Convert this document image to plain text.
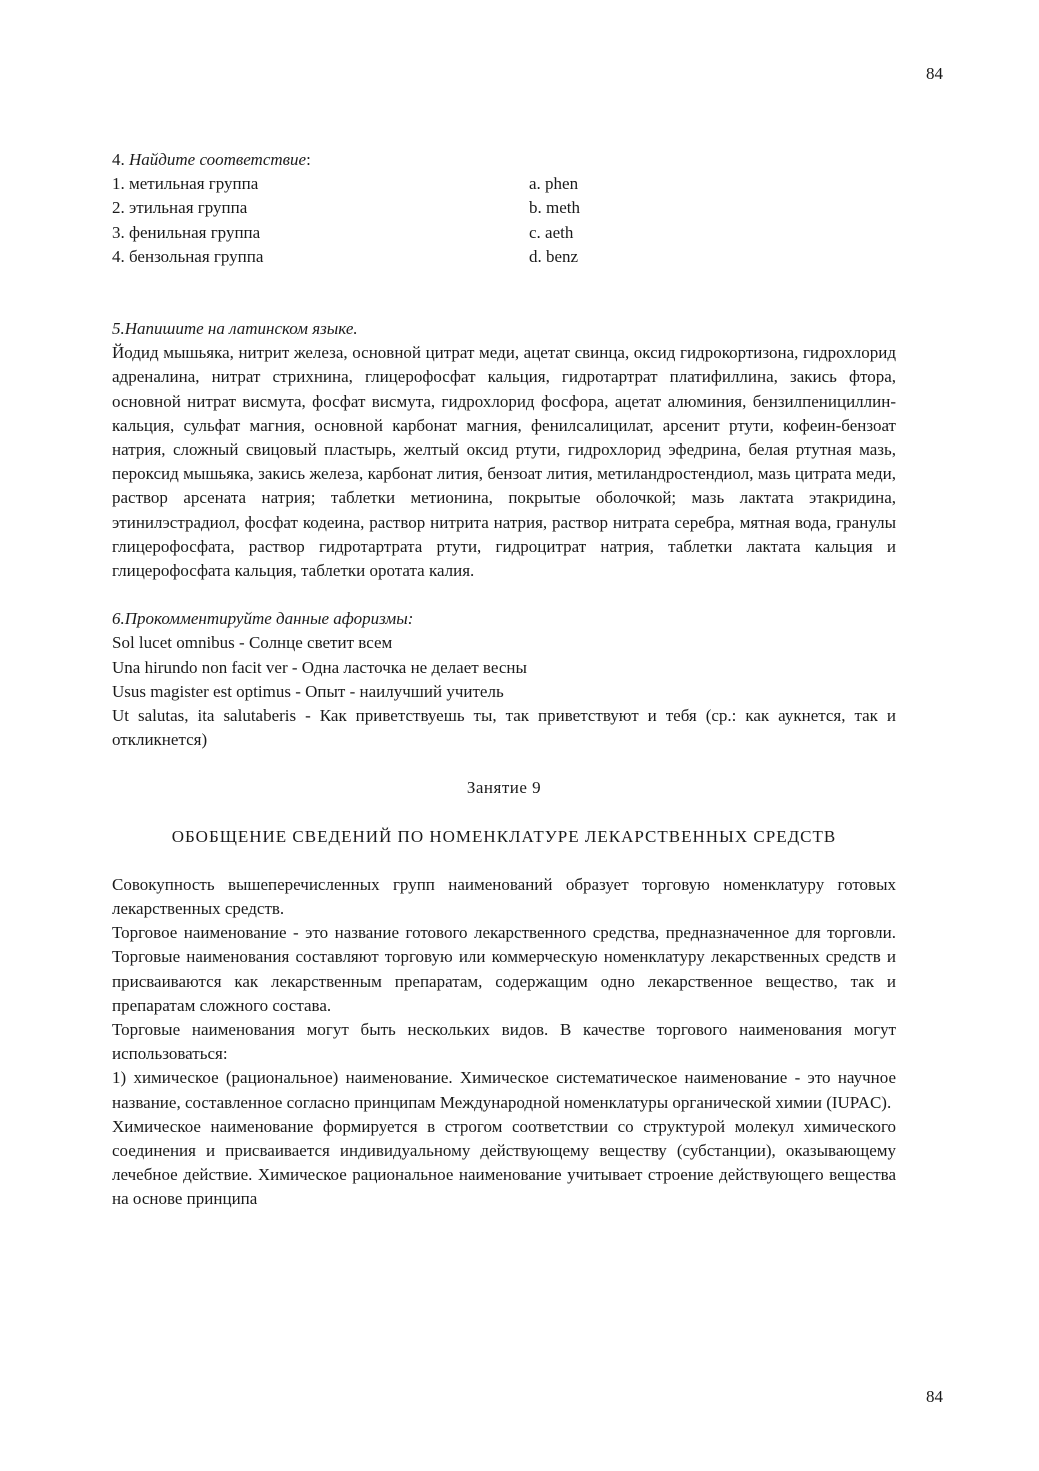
84
4. Найдите соответствие:
1. метильная группа	a. phen
2. этильная группа	b. meth
3. фенильная группа	c. aeth
4. бензольная группа	d. benz
5.Напишите на латинском языке.

Йодид мышьяка, нитрит железа, основной цитрат меди, ацетат свинца, оксид гидрокортизона, гидрохлорид адреналина, нитрат стрихнина, глицерофосфат кальция, гидротартрат платифиллина, закись фтора, основной нитрат висмута, фосфат висмута, гидрохлорид фосфора, ацетат алюминия, бензилпенициллин-кальция, сульфат магния, основной карбонат магния, фенилсалицилат, арсенит ртути, кофеин-бензоат натрия, сложный свицовый пластырь, желтый оксид ртути, гидрохлорид эфедрина, белая ртутная мазь, пероксид мышьяка, закись железа, карбонат лития, бензоат лития, метиландростендиол, мазь цитрата меди, раствор арсената натрия; таблетки метионина, покрытые оболочкой; мазь лактата этакридина, этинилэстрадиол, фосфат кодеина, раствор нитрита натрия, раствор нитрата серебра, мятная вода, гранулы глицерофосфата, раствор гидротартрата ртути, гидроцитрат натрия, таблетки лактата кальция и глицерофосфата кальция, таблетки оротата калия.

6.Прокомментируйте данные афоризмы:

Sol lucet omnibus - Солнце светит всем

Una hirundo non facit ver - Одна ласточка не делает весны

Usus magister est optimus - Опыт - наилучший учитель

Ut salutas, ita salutaberis - Как приветствуешь ты, так приветствуют и тебя (ср.: как аукнется, так и откликнется)

Занятие 9
ОБОБЩЕНИЕ СВЕДЕНИЙ ПО НОМЕНКЛАТУРЕ ЛЕКАРСТВЕННЫХ СРЕДСТВ

Совокупность вышеперечисленных групп наименований образует торговую номенклатуру готовых лекарственных средств.

Торговое наименование - это название готового лекарственного средства, предназначенное для торговли. Торговые наименования составляют торговую или коммерческую номенклатуру лекарственных средств и присваиваются как лекарственным препаратам, содержащим одно лекарственное вещество, так и препаратам сложного состава.

Торговые наименования могут быть нескольких видов. В качестве торгового наименования могут использоваться:

1) химическое (рациональное) наименование. Химическое систематическое наименование - это научное название, составленное согласно принципам Международной номенклатуры органической химии (IUPAC).

Химическое наименование формируется в строгом соответствии со структурой молекул химического соединения и присваивается индивидуальному действующему веществу (субстанции), оказывающему лечебное действие. Химическое рациональное наименование учитывает строение действующего вещества на основе принципа

84
